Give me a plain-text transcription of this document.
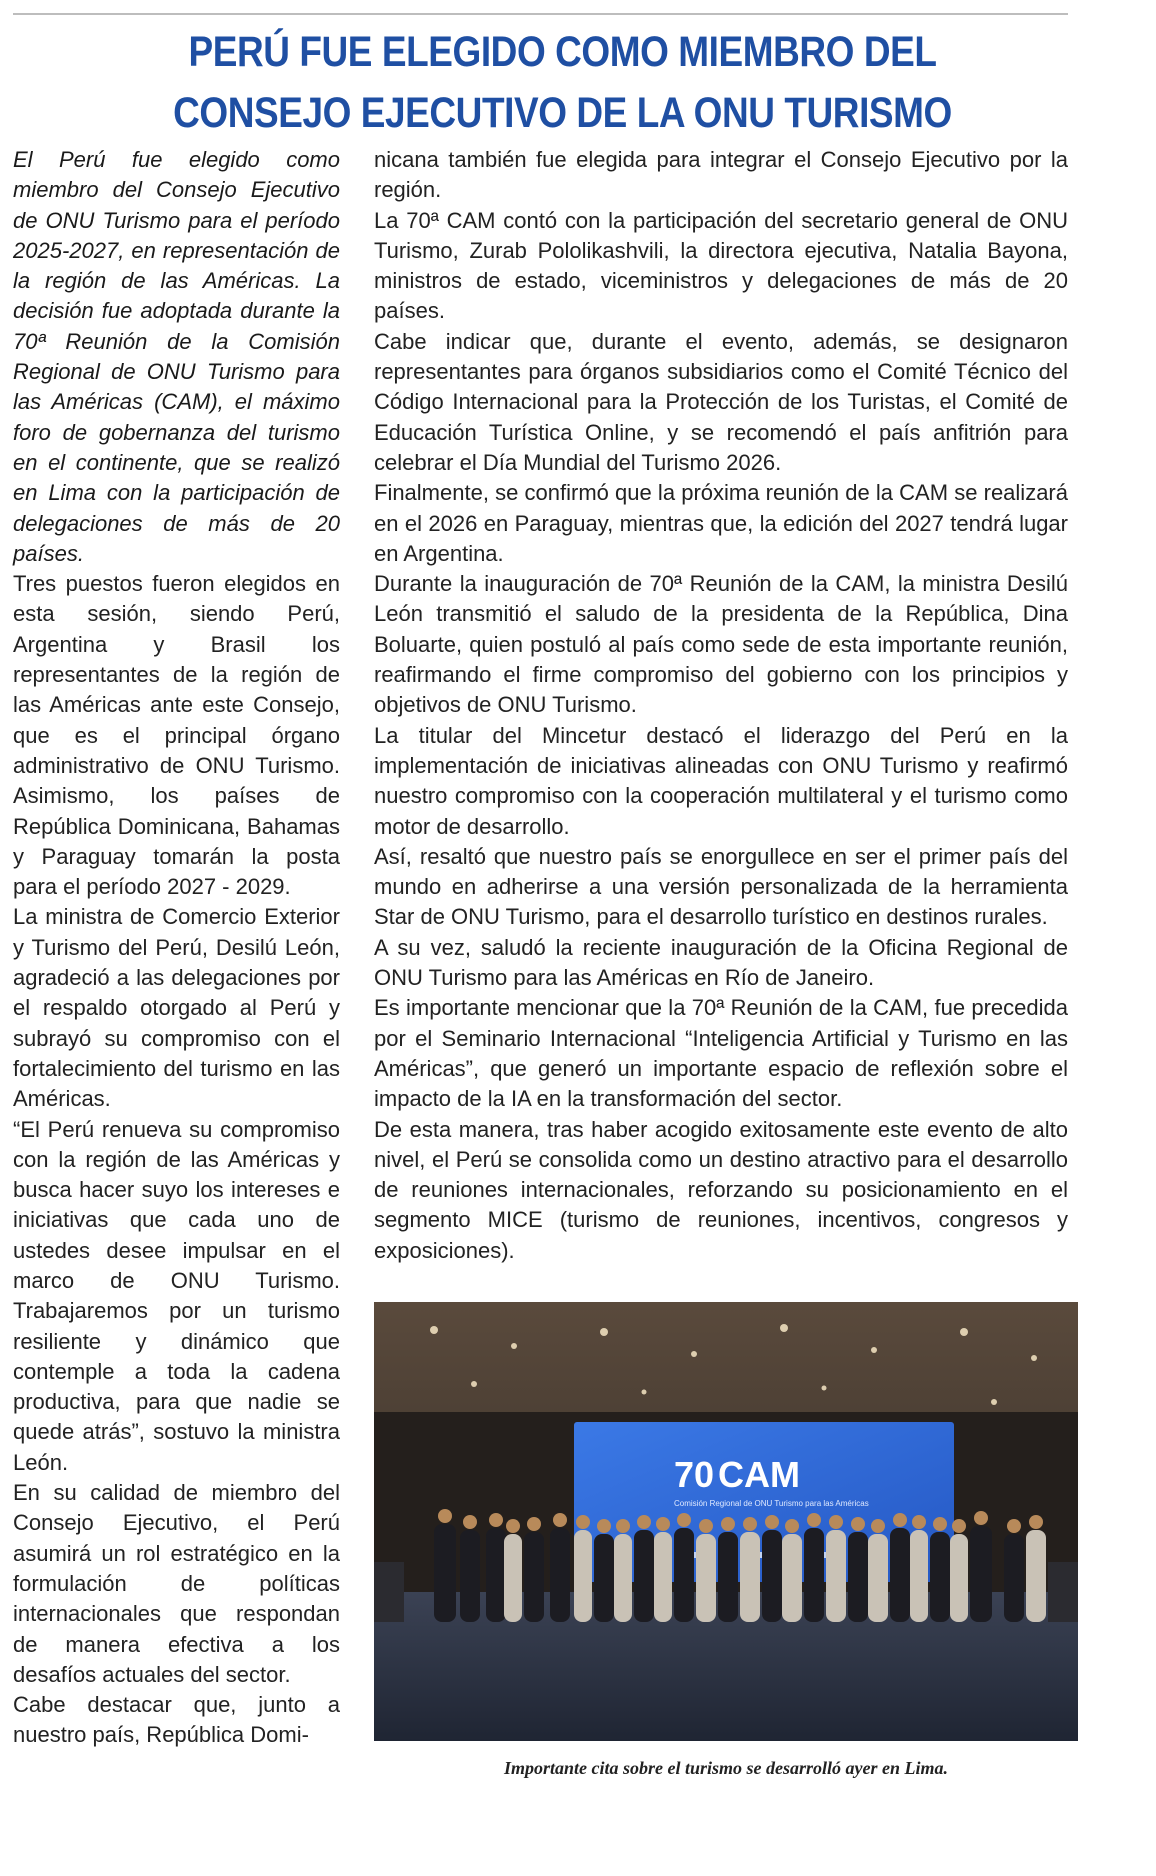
PERÚ FUE ELEGIDO COMO MIEMBRO DEL
CONSEJO EJECUTIVO DE LA ONU TURISMO

El Perú fue elegido como miembro del Consejo Ejecutivo de ONU Turismo para el período 2025-2027, en representación de la región de las Américas. La decisión fue adoptada durante la 70ª Reunión de la Comisión Regional de ONU Turismo para las Américas (CAM), el máximo foro de gobernanza del turismo en el continente, que se realizó en Lima con la participación de delegaciones de más de 20 países.

Tres puestos fueron elegidos en esta sesión, siendo Perú, Argentina y Brasil los representantes de la región de las Américas ante este Consejo, que es el principal órgano administrativo de ONU Turismo. Asimismo, los países de República Dominicana, Bahamas y Paraguay tomarán la posta para el período 2027 - 2029.

La ministra de Comercio Exterior y Turismo del Perú, Desilú León, agradeció a las delegaciones por el respaldo otorgado al Perú y subrayó su compromiso con el fortalecimiento del turismo en las Américas.

“El Perú renueva su compromiso con la región de las Américas y busca hacer suyo los intereses e iniciativas que cada uno de ustedes desee impulsar en el marco de ONU Turismo. Trabajaremos por un turismo resiliente y dinámico que contemple a toda la cadena productiva, para que nadie se quede atrás”, sostuvo la ministra León.

En su calidad de miembro del Consejo Ejecutivo, el Perú asumirá un rol estratégico en la formulación de políticas internacionales que respondan de manera efectiva a los desafíos actuales del sector.

Cabe destacar que, junto a nuestro país, República Domi-

nicana también fue elegida para integrar el Consejo Ejecutivo por la región.

La 70ª CAM contó con la participación del secretario general de ONU Turismo, Zurab Pololikashvili, la directora ejecutiva, Natalia Bayona, ministros de estado, viceministros y delegaciones de más de 20 países.

Cabe indicar que, durante el evento, además, se designaron representantes para órganos subsidiarios como el Comité Técnico del Código Internacional para la Protección de los Turistas, el Comité de Educación Turística Online, y se recomendó el país anfitrión para celebrar el Día Mundial del Turismo 2026.

Finalmente, se confirmó que la próxima reunión de la CAM se realizará en el 2026 en Paraguay, mientras que, la edición del 2027 tendrá lugar en Argentina.

Durante la inauguración de 70ª Reunión de la CAM, la ministra Desilú León transmitió el saludo de la presidenta de la República, Dina Boluarte, quien postuló al país como sede de esta importante reunión, reafirmando el firme compromiso del gobierno con los principios y objetivos de ONU Turismo.

La titular del Mincetur destacó el liderazgo del Perú en la implementación de iniciativas alineadas con ONU Turismo y reafirmó nuestro compromiso con la cooperación multilateral y el turismo como motor de desarrollo.

Así, resaltó que nuestro país se enorgullece en ser el primer país del mundo en adherirse a una versión personalizada de la herramienta Star de ONU Turismo, para el desarrollo turístico en destinos rurales.

A su vez, saludó la reciente inauguración de la Oficina Regional de ONU Turismo para las Américas en Río de Janeiro.

Es importante mencionar que la 70ª Reunión de la CAM, fue precedida por el Seminario Internacional “Inteligencia Artificial y Turismo en las Américas”, que generó un importante espacio de reflexión sobre el impacto de la IA en la transformación del sector.

De esta manera, tras haber acogido exitosamente este evento de alto nivel, el Perú se consolida como un destino atractivo para el desarrollo de reuniones internacionales, reforzando su posicionamiento en el segmento MICE (turismo de reuniones, incentivos, congresos y exposiciones).

70 CAM
Comisión Regional de ONU Turismo para las Américas

Importante cita sobre el turismo se desarrolló ayer en Lima.
